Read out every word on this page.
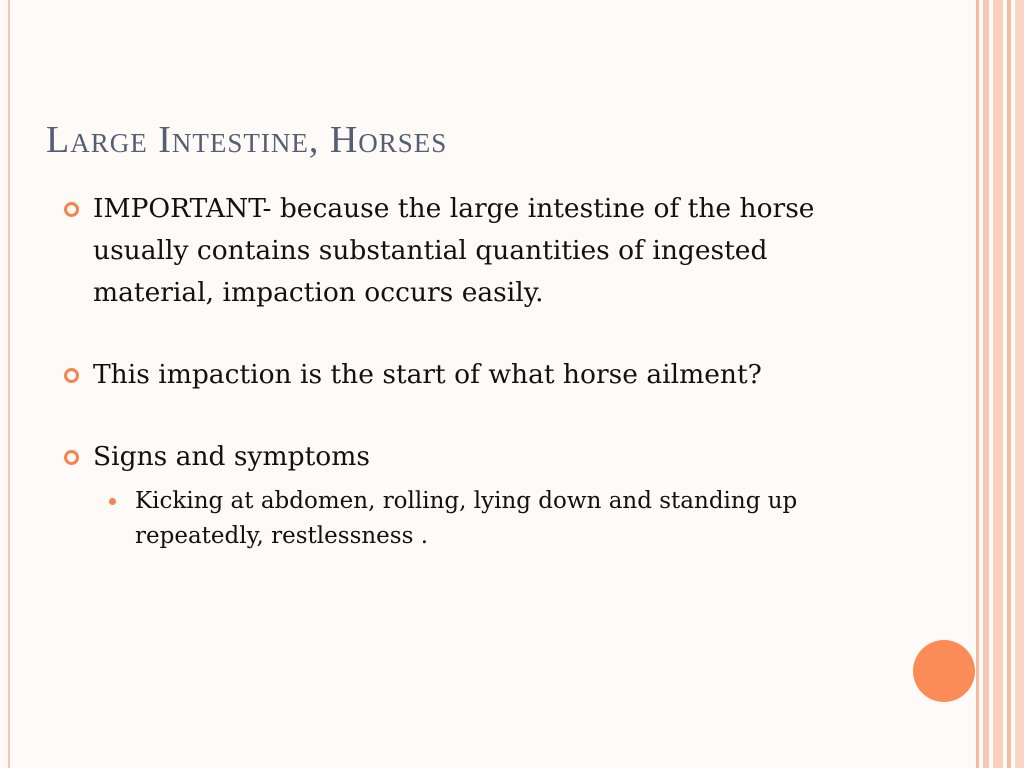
Large Intestine, Horses
IMPORTANT- because the large intestine of the horse usually contains substantial quantities of ingested material, impaction occurs easily.
This impaction is the start of what horse ailment?
Signs and symptoms
Kicking at abdomen, rolling, lying down and standing up repeatedly, restlessness .
